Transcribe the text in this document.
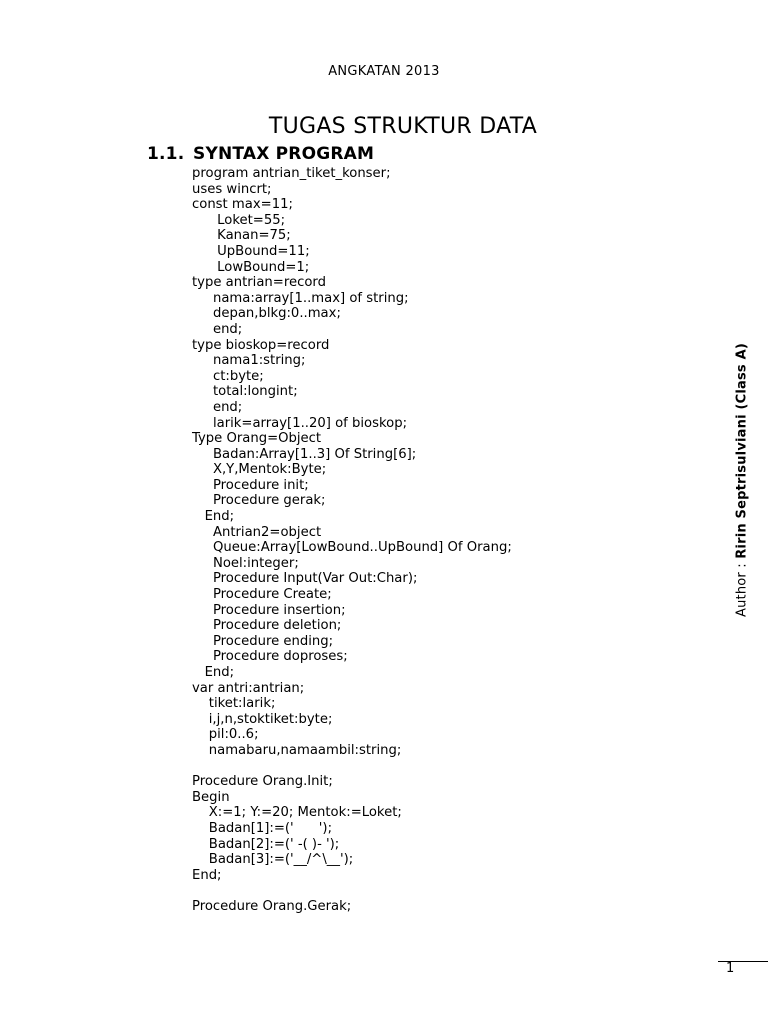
ANGKATAN 2013
TUGAS STRUKTUR DATA
1.1. SYNTAX PROGRAM
program antrian_tiket_konser;
uses wincrt;
const max=11;
Loket=55;
Kanan=75;
UpBound=11;
LowBound=1;
type antrian=record
nama:array[1..max] of string;
depan,blkg:0..max;
end;
type bioskop=record
nama1:string;
ct:byte;
total:longint;
end;
larik=array[1..20] of bioskop;
Type Orang=Object
Badan:Array[1..3] Of String[6];
X,Y,Mentok:Byte;
Procedure init;
Procedure gerak;
End;
Antrian2=object
Queue:Array[LowBound..UpBound] Of Orang;
Noel:integer;
Procedure Input(Var Out:Char);
Procedure Create;
Procedure insertion;
Procedure deletion;
Procedure ending;
Procedure doproses;
End;
var antri:antrian;
tiket:larik;
i,j,n,stoktiket:byte;
pil:0..6;
namabaru,namaambil:string;
Procedure Orang.Init;
Begin
X:=1; Y:=20; Mentok:=Loket;
Badan[1]:=('      ');
Badan[2]:=(' -( )- ');
Badan[3]:=('__/^\__');
End;
Procedure Orang.Gerak;
Author : Ririn Septrisulviani (Class A)
1
